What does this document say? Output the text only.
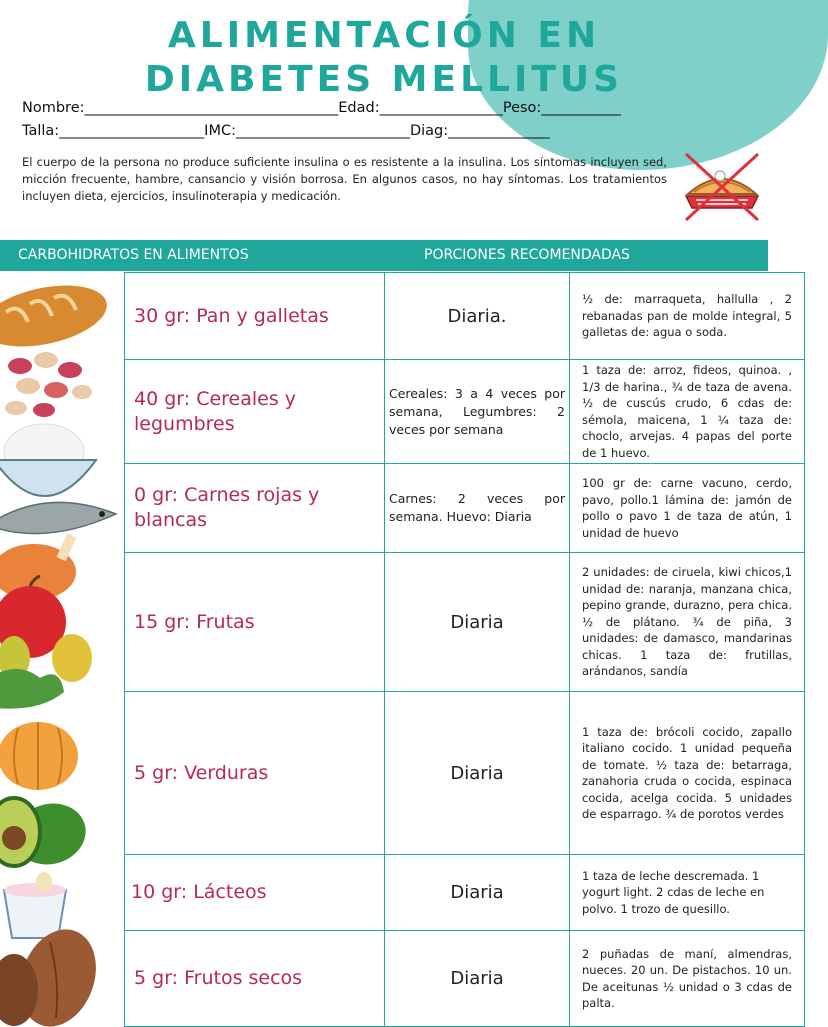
ALIMENTACIÓN EN
DIABETES MELLITUS
Nombre:___________________________________Edad:_________________Peso:___________
Talla:____________________IMC:________________________Diag:______________
El cuerpo de la persona no produce suficiente insulina o es resistente a la insulina. Los síntomas incluyen sed, micción frecuente, hambre, cansancio y visión borrosa. En algunos casos, no hay síntomas. Los tratamientos incluyen dieta, ejercicios, insulinoterapia y medicación.
CARBOHIDRATOS EN ALIMENTOS	PORCIONES RECOMENDADAS
30 gr: Pan y galletas	Diaria.	½ de: marraqueta, hallulla , 2 rebanadas pan de molde integral, 5 galletas de: agua o soda.
40 gr: Cereales y legumbres	Cereales: 3 a 4 veces por semana, Legumbres: 2 veces por semana	1 taza de: arroz, fideos, quinoa. , 1/3 de harina., ¾ de taza de avena. ½ de cuscús crudo, 6 cdas de: sémola, maicena, 1 ¼ taza de: choclo, arvejas. 4 papas del porte de 1 huevo.
0 gr: Carnes rojas y blancas	Carnes: 2 veces por semana. Huevo: Diaria	100 gr de: carne vacuno, cerdo, pavo, pollo.1 lámina de: jamón de pollo o pavo 1 de taza de atún, 1 unidad de huevo
15 gr: Frutas	Diaria	2 unidades: de ciruela, kiwi chicos,1 unidad de: naranja, manzana chica, pepino grande, durazno, pera chica. ½ de plátano. ¾ de piña, 3 unidades: de damasco, mandarinas chicas. 1 taza de: frutillas, arándanos, sandía
5 gr: Verduras	Diaria	1 taza de: brócoli cocido, zapallo italiano cocido. 1 unidad pequeña de tomate. ½ taza de: betarraga, zanahoria cruda o cocida, espinaca cocida, acelga cocida. 5 unidades de esparrago. ¾ de porotos verdes
10 gr: Lácteos	Diaria	1 taza de leche descremada. 1 yogurt light. 2 cdas de leche en polvo. 1 trozo de quesillo.
5 gr: Frutos secos	Diaria	2 puñadas de maní, almendras, nueces. 20 un. De pistachos. 10 un. De aceitunas ½ unidad o 3 cdas de palta.
